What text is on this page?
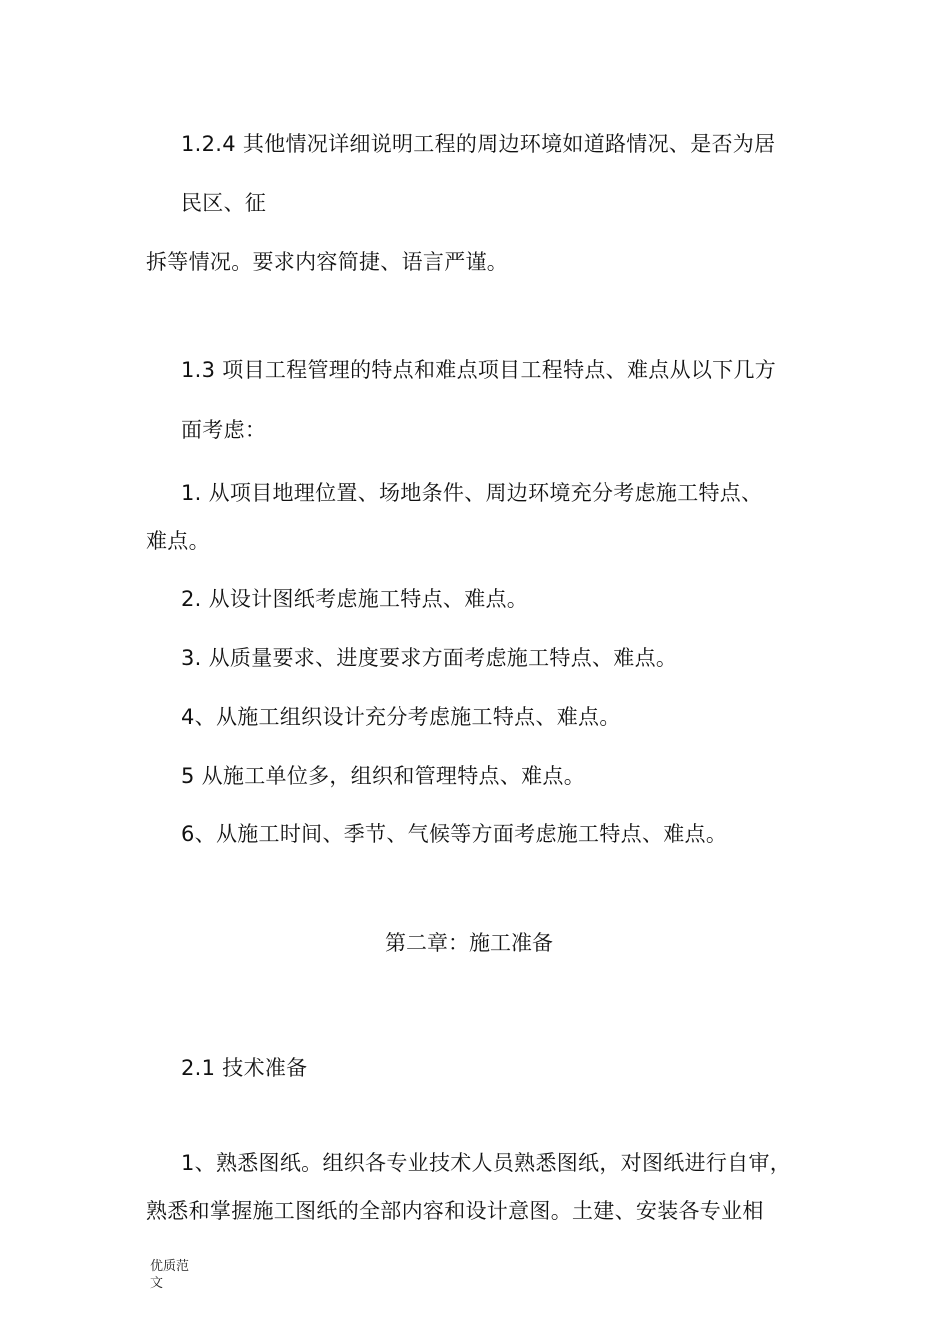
1.2.4 其他情况详细说明工程的周边环境如道路情况、是否为居
民区、征
拆等情况。要求内容简捷、语言严谨。
1.3 项目工程管理的特点和难点项目工程特点、难点从以下几方
面考虑：
1. 从项目地理位置、场地条件、周边环境充分考虑施工特点、
难点。
2. 从设计图纸考虑施工特点、难点。
3. 从质量要求、进度要求方面考虑施工特点、难点。
4、从施工组织设计充分考虑施工特点、难点。
5 从施工单位多，组织和管理特点、难点。
6、从施工时间、季节、气候等方面考虑施工特点、难点。
第二章：施工准备
2.1 技术准备
1、熟悉图纸。组织各专业技术人员熟悉图纸，对图纸进行自审，
熟悉和掌握施工图纸的全部内容和设计意图。土建、安装各专业相
优质范
文
